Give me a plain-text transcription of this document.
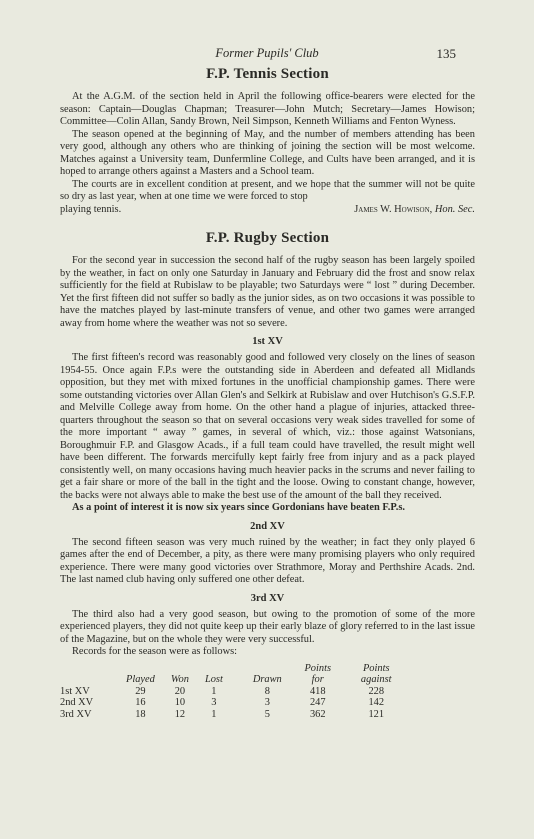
Former Pupils' Club	135
F.P. Tennis Section

At the A.G.M. of the section held in April the following office-bearers were elected for the season: Captain—Douglas Chapman; Treasurer—John Mutch; Secretary—James Howison; Committee—Colin Allan, Sandy Brown, Neil Simpson, Kenneth Williams and Fenton Wyness.

The season opened at the beginning of May, and the number of members attending has been very good, although any others who are thinking of joining the section will be most welcome. Matches against a University team, Dunfermline College, and Cults have been arranged, and it is hoped to arrange others against a Masters and a School team.

The courts are in excellent condition at present, and we hope that the summer will not be quite so dry as last year, when at one time we were forced to stop

playing tennis.	James W. Howison, Hon. Sec.
F.P. Rugby Section

For the second year in succession the second half of the rugby season has been largely spoiled by the weather, in fact on only one Saturday in January and February did the frost and snow relax sufficiently for the field at Rubislaw to be playable; two Saturdays were “ lost ” during December. Yet the first fifteen did not suffer so badly as the junior sides, as on two occasions it was possible to have the matches played by last-minute transfers of venue, and other two games were arranged away from home where the weather was not so severe.

1st XV

The first fifteen's record was reasonably good and followed very closely on the lines of season 1954-55. Once again F.P.s were the outstanding side in Aberdeen and defeated all Midlands opposition, but they met with mixed fortunes in the unofficial championship games. There were some outstanding victories over Allan Glen's and Selkirk at Rubislaw and over Hutchison's G.S.F.P. and Melville College away from home. On the other hand a plague of injuries, attacked three-quarters throughout the season so that on several occasions very weak sides travelled for some of the more important “ away ” games, in several of which, viz.: those against Watsonians, Boroughmuir F.P. and Glasgow Acads., if a full team could have travelled, the result might well have been different. The forwards mercifully kept fairly free from injury and as a pack played consistently well, on many occasions having much heavier packs in the scrums and never failing to get a fair share or more of the ball in the tight and the loose. Owing to constant change, however, the backs were not always able to make the best use of the amount of the ball they received.

As a point of interest it is now six years since Gordonians have beaten F.P.s.

2nd XV

The second fifteen season was very much ruined by the weather; in fact they only played 6 games after the end of December, a pity, as there were many promising players who only required experience. There were many good victories over Strathmore, Moray and Perthshire Acads. 2nd. The last named club having only suffered one other defeat.

3rd XV

The third also had a very good season, but owing to the promotion of some of the more experienced players, they did not quite keep up their early blaze of glory referred to in the last issue of the Magazine, but on the whole they were very successful.

Records for the season were as follows:

	Played	Won	Lost	Drawn	Points for	Points against
1st XV	29	20	1	8	418	228
2nd XV	16	10	3	3	247	142
3rd XV	18	12	1	5	362	121
